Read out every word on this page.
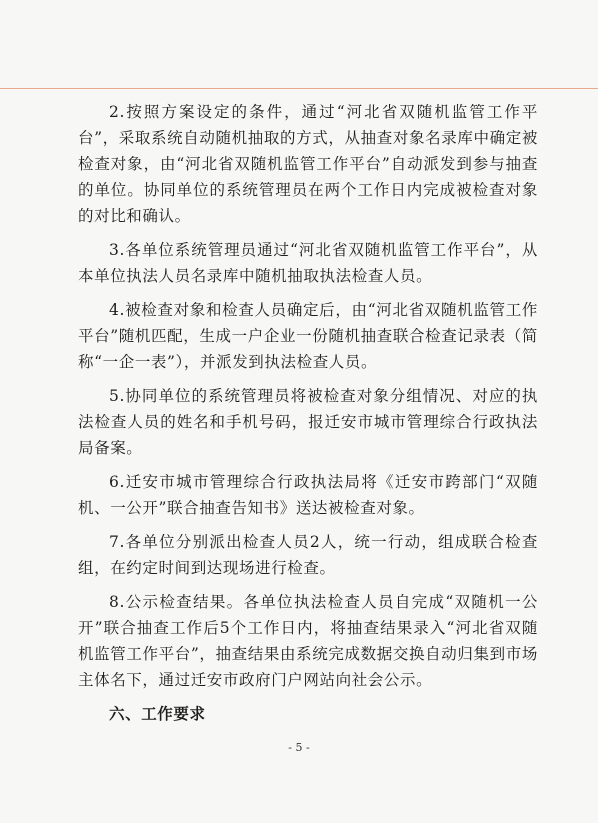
2.按照方案设定的条件，通过“河北省双随机监管工作平台”，采取系统自动随机抽取的方式，从抽查对象名录库中确定被检查对象，由“河北省双随机监管工作平台”自动派发到参与抽查的单位。协同单位的系统管理员在两个工作日内完成被检查对象的对比和确认。

3.各单位系统管理员通过“河北省双随机监管工作平台”，从本单位执法人员名录库中随机抽取执法检查人员。

4.被检查对象和检查人员确定后，由“河北省双随机监管工作平台”随机匹配，生成一户企业一份随机抽查联合检查记录表（简称“一企一表”），并派发到执法检查人员。

5.协同单位的系统管理员将被检查对象分组情况、对应的执法检查人员的姓名和手机号码，报迁安市城市管理综合行政执法局备案。

6.迁安市城市管理综合行政执法局将《迁安市跨部门“双随机、一公开”联合抽查告知书》送达被检查对象。

7.各单位分别派出检查人员2人，统一行动，组成联合检查组，在约定时间到达现场进行检查。

8.公示检查结果。各单位执法检查人员自完成“双随机一公开”联合抽查工作后5个工作日内，将抽查结果录入“河北省双随机监管工作平台”，抽查结果由系统完成数据交换自动归集到市场主体名下，通过迁安市政府门户网站向社会公示。

六、工作要求

- 5 -
